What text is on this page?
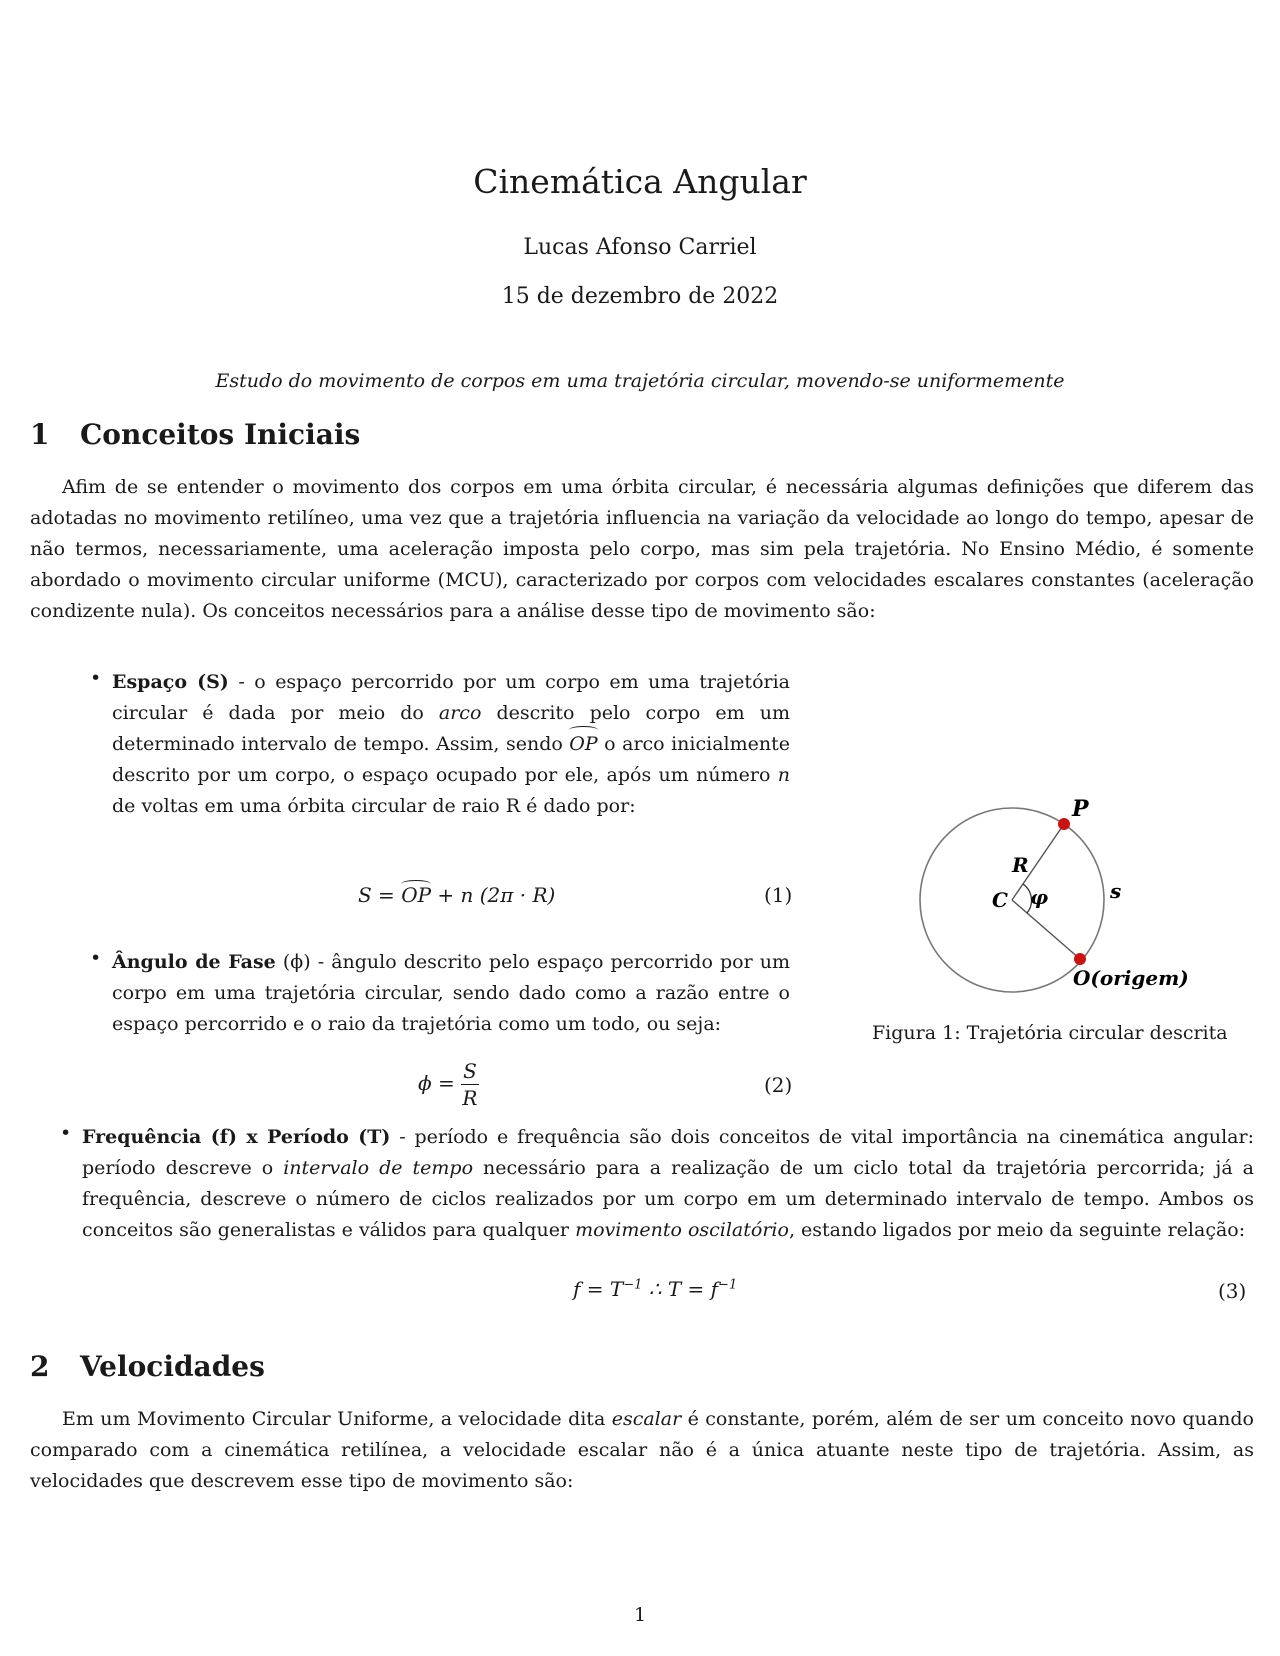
Cinemática Angular
Lucas Afonso Carriel
15 de dezembro de 2022
Estudo do movimento de corpos em uma trajetória circular, movendo-se uniformemente
1 Conceitos Iniciais
Afim de se entender o movimento dos corpos em uma órbita circular, é necessária algumas definições que diferem das adotadas no movimento retilíneo, uma vez que a trajetória influencia na variação da velocidade ao longo do tempo, apesar de não termos, necessariamente, uma aceleração imposta pelo corpo, mas sim pela trajetória. No Ensino Médio, é somente abordado o movimento circular uniforme (MCU), caracterizado por corpos com velocidades escalares constantes (aceleração condizente nula). Os conceitos necessários para a análise desse tipo de movimento são:
• Espaço (S) - o espaço percorrido por um corpo em uma trajetória circular é dada por meio do arco descrito pelo corpo em um determinado intervalo de tempo. Assim, sendo OP o arco inicialmente descrito por um corpo, o espaço ocupado por ele, após um número n de voltas em uma órbita circular de raio R é dado por:
S = OP + n (2π · R)	(1)
• Ângulo de Fase (ϕ) - ângulo descrito pelo espaço percorrido por um corpo em uma trajetória circular, sendo dado como a razão entre o espaço percorrido e o raio da trajetória como um todo, ou seja:
$\phi = \frac{S}{R}$	(2)
P
R
C φ	s
O(origem)
Figura 1: Trajetória circular descrita
• Frequência (f) x Período (T) - período e frequência são dois conceitos de vital importância na cinemática angular: período descreve o intervalo de tempo necessário para a realização de um ciclo total da trajetória percorrida; já a frequência, descreve o número de ciclos realizados por um corpo em um determinado intervalo de tempo. Ambos os conceitos são generalistas e válidos para qualquer movimento oscilatório, estando ligados por meio da seguinte relação:
$f = T^{-1}$ ∴ $T = f^{-1}$	(3)
2 Velocidades
Em um Movimento Circular Uniforme, a velocidade dita escalar é constante, porém, além de ser um conceito novo quando comparado com a cinemática retilínea, a velocidade escalar não é a única atuante neste tipo de trajetória. Assim, as velocidades que descrevem esse tipo de movimento são:
1
